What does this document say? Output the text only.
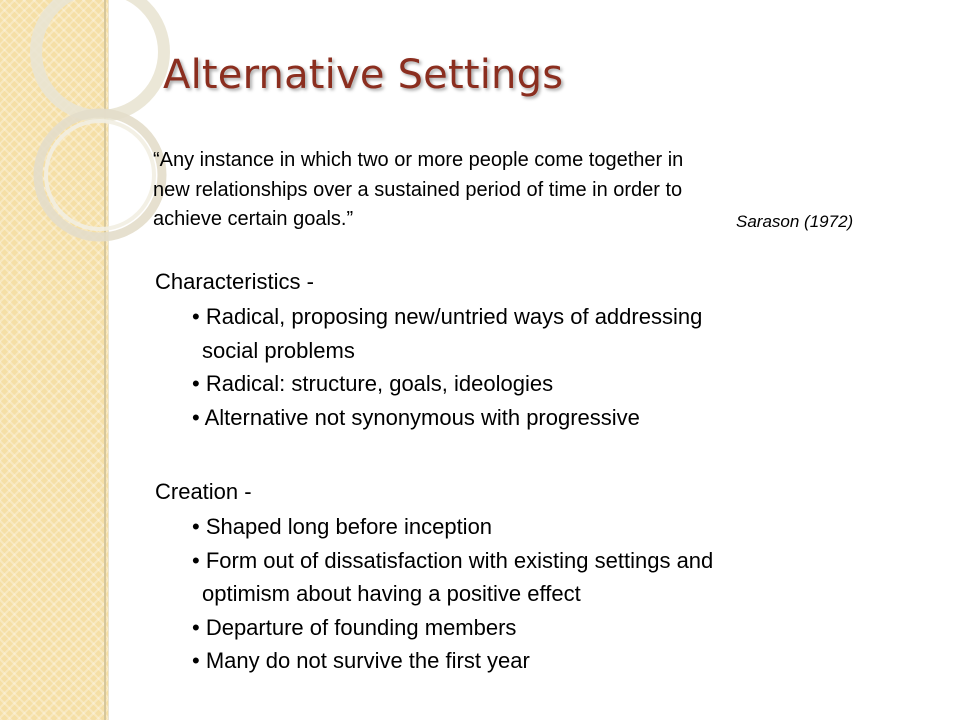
Alternative Settings

“Any instance in which two or more people come together in
new relationships over a sustained period of time in order to
achieve certain goals.”	Sarason (1972)

Characteristics -
• Radical, proposing new/untried ways of addressing
social problems
• Radical: structure, goals, ideologies
• Alternative not synonymous with progressive
Creation -
• Shaped long before inception
• Form out of dissatisfaction with existing settings and
optimism about having a positive effect
• Departure of founding members
• Many do not survive the first year
